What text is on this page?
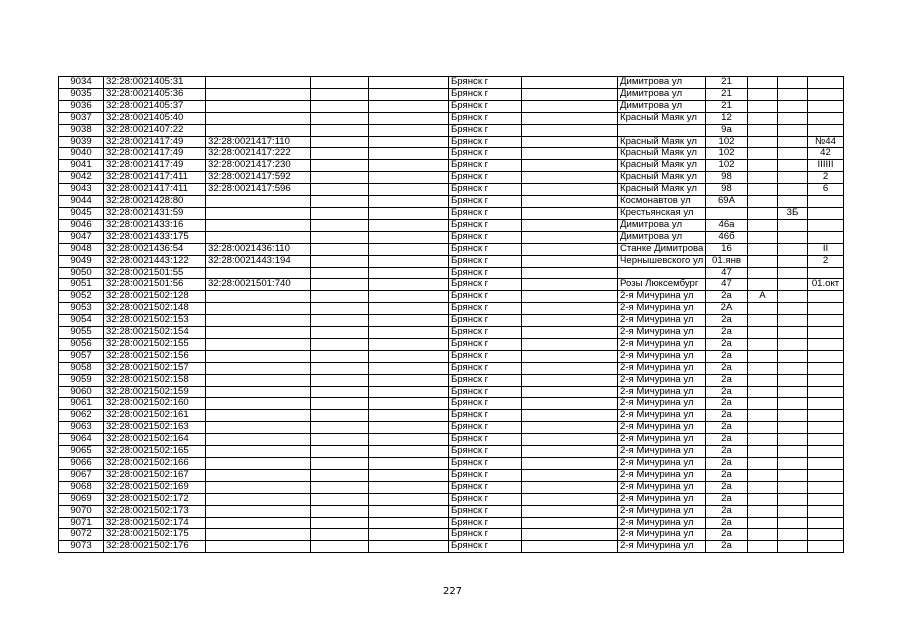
9034	32:28:0021405:31				Брянск г		Димитрова ул	21			
9035	32:28:0021405:36				Брянск г		Димитрова ул	21			
9036	32:28:0021405:37				Брянск г		Димитрова ул	21			
9037	32:28:0021405:40				Брянск г		Красный Маяк ул	12			
9038	32:28:0021407:22				Брянск г			9а			
9039	32:28:0021417:49	32:28:0021417:110			Брянск г		Красный Маяк ул	102			№44
9040	32:28:0021417:49	32:28:0021417:222			Брянск г		Красный Маяк ул	102			42
9041	32:28:0021417:49	32:28:0021417:230			Брянск г		Красный Маяк ул	102			IIIIII
9042	32:28:0021417:411	32:28:0021417:592			Брянск г		Красный Маяк ул	98			2
9043	32:28:0021417:411	32:28:0021417:596			Брянск г		Красный Маяк ул	98			6
9044	32:28:0021428:80				Брянск г		Космонавтов ул	69А			
9045	32:28:0021431:59				Брянск г		Крестьянская ул			3Б	
9046	32:28:0021433:16				Брянск г		Димитрова ул	46а			
9047	32:28:0021433:175				Брянск г		Димитрова ул	46б			
9048	32:28:0021436:54	32:28:0021436:110			Брянск г		Станке Димитрова	16			II
9049	32:28:0021443:122	32:28:0021443:194			Брянск г		Чернышевского ул	01.янв			2
9050	32:28:0021501:55				Брянск г			47			
9051	32:28:0021501:56	32:28:0021501:740			Брянск г		Розы Люксембург	47			01.окт
9052	32:28:0021502:128				Брянск г		2-я Мичурина ул	2а	А		
9053	32:28:0021502:148				Брянск г		2-я Мичурина ул	2А			
9054	32:28:0021502:153				Брянск г		2-я Мичурина ул	2а			
9055	32:28:0021502:154				Брянск г		2-я Мичурина ул	2а			
9056	32:28:0021502:155				Брянск г		2-я Мичурина ул	2а			
9057	32:28:0021502:156				Брянск г		2-я Мичурина ул	2а			
9058	32:28:0021502:157				Брянск г		2-я Мичурина ул	2а			
9059	32:28:0021502:158				Брянск г		2-я Мичурина ул	2а			
9060	32:28:0021502:159				Брянск г		2-я Мичурина ул	2а			
9061	32:28:0021502:160				Брянск г		2-я Мичурина ул	2а			
9062	32:28:0021502:161				Брянск г		2-я Мичурина ул	2а			
9063	32:28:0021502:163				Брянск г		2-я Мичурина ул	2а			
9064	32:28:0021502:164				Брянск г		2-я Мичурина ул	2а			
9065	32:28:0021502:165				Брянск г		2-я Мичурина ул	2а			
9066	32:28:0021502:166				Брянск г		2-я Мичурина ул	2а			
9067	32:28:0021502:167				Брянск г		2-я Мичурина ул	2а			
9068	32:28:0021502:169				Брянск г		2-я Мичурина ул	2а			
9069	32:28:0021502:172				Брянск г		2-я Мичурина ул	2а			
9070	32:28:0021502:173				Брянск г		2-я Мичурина ул	2а			
9071	32:28:0021502:174				Брянск г		2-я Мичурина ул	2а			
9072	32:28:0021502:175				Брянск г		2-я Мичурина ул	2а			
9073	32:28:0021502:176				Брянск г		2-я Мичурина ул	2а			
227
